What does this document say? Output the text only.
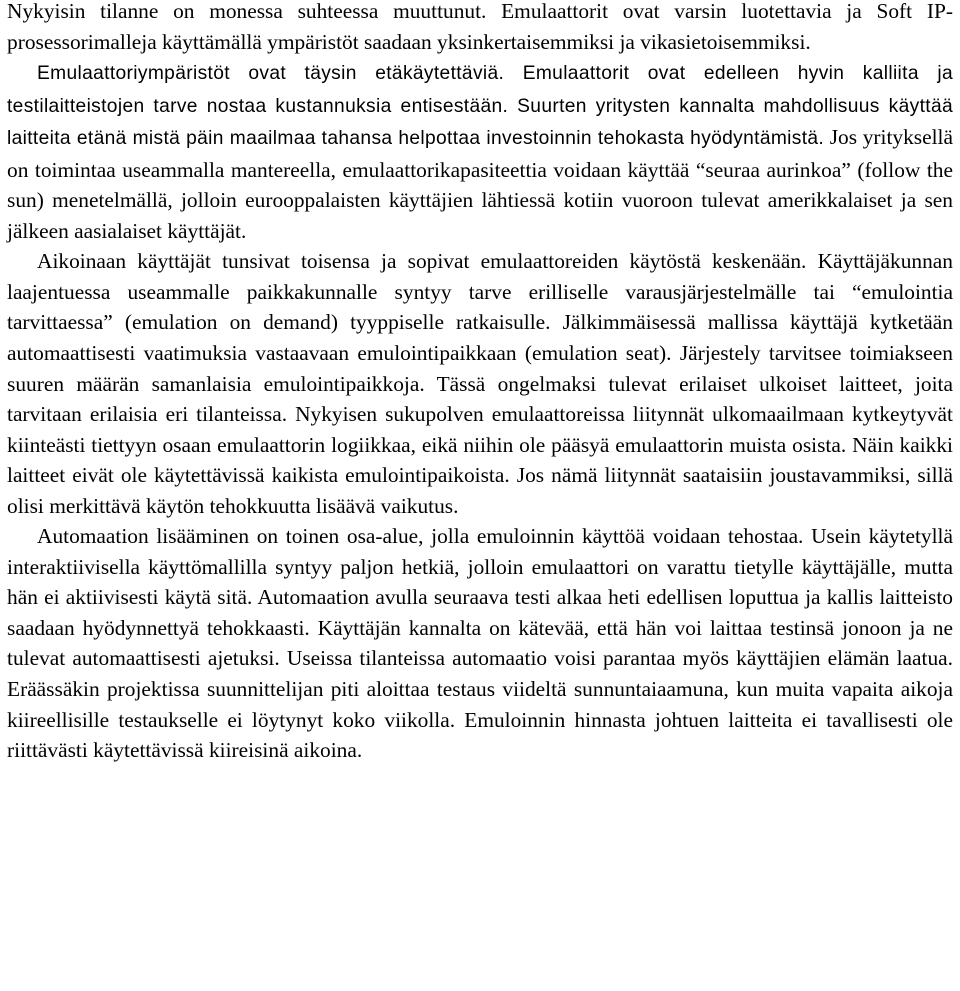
Nykyisin tilanne on monessa suhteessa muuttunut. Emulaattorit ovat varsin luotettavia ja Soft IP-prosessorimalleja käyttämällä ympäristöt saadaan yksinkertaisemmiksi ja vikasietoisemmiksi.

Emulaattoriympäristöt ovat täysin etäkäytettäviä. Emulaattorit ovat edelleen hyvin kalliita ja testilaitteistojen tarve nostaa kustannuksia entisestään. Suurten yritysten kannalta mahdollisuus käyttää laitteita etänä mistä päin maailmaa tahansa helpottaa investoinnin tehokasta hyödyntämistä. Jos yrityksellä on toimintaa useammalla mantereella, emulaattorikapasiteettia voidaan käyttää “seuraa aurinkoa” (follow the sun) menetelmällä, jolloin eurooppalaisten käyttäjien lähtiessä kotiin vuoroon tulevat amerikkalaiset ja sen jälkeen aasialaiset käyttäjät.

Aikoinaan käyttäjät tunsivat toisensa ja sopivat emulaattoreiden käytöstä keskenään. Käyttäjäkunnan laajentuessa useammalle paikkakunnalle syntyy tarve erilliselle varausjärjestelmälle tai “emulointia tarvittaessa” (emulation on demand) tyyppiselle ratkaisulle. Jälkimmäisessä mallissa käyttäjä kytketään automaattisesti vaatimuksia vastaavaan emulointipaikkaan (emulation seat). Järjestely tarvitsee toimiakseen suuren määrän samanlaisia emulointipaikkoja. Tässä ongelmaksi tulevat erilaiset ulkoiset laitteet, joita tarvitaan erilaisia eri tilanteissa. Nykyisen sukupolven emulaattoreissa liitynnät ulkomaailmaan kytkeytyvät kiinteästi tiettyyn osaan emulaattorin logiikkaa, eikä niihin ole pääsyä emulaattorin muista osista. Näin kaikki laitteet eivät ole käytettävissä kaikista emulointipaikoista. Jos nämä liitynnät saataisiin joustavammiksi, sillä olisi merkittävä käytön tehokkuutta lisäävä vaikutus.

Automaation lisääminen on toinen osa-alue, jolla emuloinnin käyttöä voidaan tehostaa. Usein käytetyllä interaktiivisella käyttömallilla syntyy paljon hetkiä, jolloin emulaattori on varattu tietylle käyttäjälle, mutta hän ei aktiivisesti käytä sitä. Automaation avulla seuraava testi alkaa heti edellisen loputtua ja kallis laitteisto saadaan hyödynnettyä tehokkaasti. Käyttäjän kannalta on kätevää, että hän voi laittaa testinsä jonoon ja ne tulevat automaattisesti ajetuksi. Useissa tilanteissa automaatio voisi parantaa myös käyttäjien elämän laatua. Eräässäkin projektissa suunnittelijan piti aloittaa testaus viideltä sunnuntaiaamuna, kun muita vapaita aikoja kiireellisille testaukselle ei löytynyt koko viikolla. Emuloinnin hinnasta johtuen laitteita ei tavallisesti ole riittävästi käytettävissä kiireisinä aikoina.
